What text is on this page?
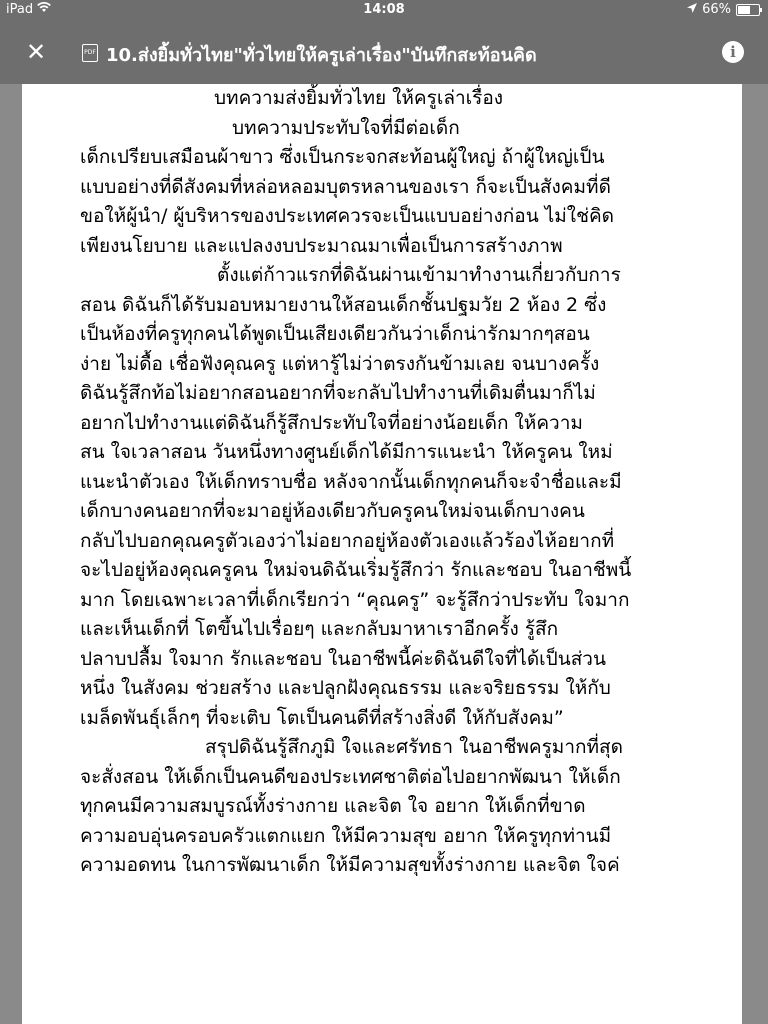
iPad	14:08	66%
✕	PDF 10.ส่งยิ้มทั่วไทย"ทั่วไทยให้ครูเล่าเรื่อง"บันทึกสะท้อนคิด	i
บทความส่งยิ้มทั่วไทย ให้ครูเล่าเรื่อง
บทความประทับใจที่มีต่อเด็ก
เด็กเปรียบเสมือนผ้าขาว ซึ่งเป็นกระจกสะท้อนผู้ใหญ่ ถ้าผู้ใหญ่เป็น
แบบอย่างที่ดีสังคมที่หล่อหลอมบุตรหลานของเรา ก็จะเป็นสังคมที่ดี
ขอให้ผู้นำ/ ผู้บริหารของประเทศควรจะเป็นแบบอย่างก่อน ไม่ใช่คิด
เพียงนโยบาย และแปลงงบประมาณมาเพื่อเป็นการสร้างภาพ
ตั้งแต่ก้าวแรกที่ดิฉันผ่านเข้ามาทำงานเกี่ยวกับการ
สอน ดิฉันก็ได้รับมอบหมายงานให้สอนเด็กชั้นปฐมวัย 2 ห้อง 2 ซึ่ง
เป็นห้องที่ครูทุกคนได้พูดเป็นเสียงเดียวกันว่าเด็กน่ารักมากๆสอน
ง่าย ไม่ดื้อ เชื่อฟังคุณครู แต่หารู้ไม่ว่าตรงกันข้ามเลย จนบางครั้ง
ดิฉันรู้สึกท้อไม่อยากสอนอยากที่จะกลับไปทำงานที่เดิมตื่นมาก็ไม่
อยากไปทำงานแต่ดิฉันก็รู้สึกประทับใจที่อย่างน้อยเด็ก ให้ความ
สน ใจเวลาสอน วันหนึ่งทางศูนย์เด็กได้มีการแนะนำ ให้ครูคน ใหม่
แนะนำตัวเอง ให้เด็กทราบชื่อ หลังจากนั้นเด็กทุกคนก็จะจำชื่อและมี
เด็กบางคนอยากที่จะมาอยู่ห้องเดียวกับครูคนใหม่จนเด็กบางคน
กลับไปบอกคุณครูตัวเองว่าไม่อยากอยู่ห้องตัวเองแล้วร้องไห้อยากที่
จะไปอยู่ห้องคุณครูคน ใหม่จนดิฉันเริ่มรู้สึกว่า รักและชอบ ในอาชีพนี้
มาก โดยเฉพาะเวลาที่เด็กเรียกว่า “คุณครู” จะรู้สึกว่าประทับ ใจมาก
และเห็นเด็กที่ โตขึ้นไปเรื่อยๆ และกลับมาหาเราอีกครั้ง รู้สึก
ปลาบปลื้ม ใจมาก รักและชอบ ในอาชีพนี้ค่ะดิฉันดีใจที่ได้เป็นส่วน
หนึ่ง ในสังคม ช่วยสร้าง และปลูกฝังคุณธรรม และจริยธรรม ให้กับ
เมล็ดพันธุ์เล็กๆ ที่จะเติบ โตเป็นคนดีที่สร้างสิ่งดี ให้กับสังคม”
สรุปดิฉันรู้สึกภูมิ ใจและศรัทธา ในอาชีพครูมากที่สุด
จะสั่งสอน ให้เด็กเป็นคนดีของประเทศชาติต่อไปอยากพัฒนา ให้เด็ก
ทุกคนมีความสมบูรณ์ทั้งร่างกาย และจิต ใจ อยาก ให้เด็กที่ขาด
ความอบอุ่นครอบครัวแตกแยก ให้มีความสุข อยาก ให้ครูทุกท่านมี
ความอดทน ในการพัฒนาเด็ก ให้มีความสุขทั้งร่างกาย และจิต ใจค่
